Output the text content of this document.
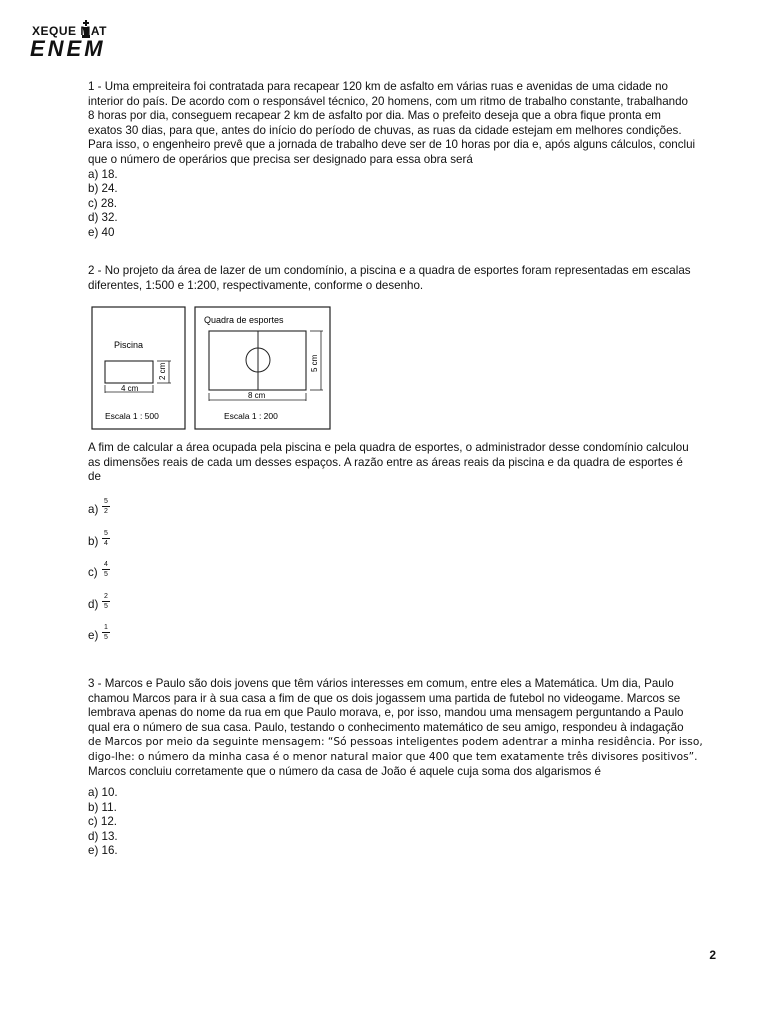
XEQUE MAT
ENEM

1 - Uma empreiteira foi contratada para recapear 120 km de asfalto em várias ruas e avenidas de uma cidade no
interior do país. De acordo com o responsável técnico, 20 homens, com um ritmo de trabalho constante, trabalhando
8 horas por dia, conseguem recapear 2 km de asfalto por dia. Mas o prefeito deseja que a obra fique pronta em
exatos 30 dias, para que, antes do início do período de chuvas, as ruas da cidade estejam em melhores condições.
Para isso, o engenheiro prevê que a jornada de trabalho deve ser de 10 horas por dia e, após alguns cálculos, conclui
que o número de operários que precisa ser designado para essa obra será

a) 18.
b) 24.
c) 28.
d) 32.
e) 40
2 - No projeto da área de lazer de um condomínio, a piscina e a quadra de esportes foram representadas em escalas
diferentes, 1:500 e 1:200, respectivamente, conforme o desenho.
Piscina
2 cm
4 cm
Escala 1 : 500
Quadra de esportes
5 cm
8 cm
Escala 1 : 200
A fim de calcular a área ocupada pela piscina e pela quadra de esportes, o administrador desse condomínio calculou
as dimensões reais de cada um desses espaços. A razão entre as áreas reais da piscina e da quadra de esportes é
de
$a) \frac{5}{2}$
$b) \frac{5}{4}$
$c) \frac{4}{5}$
$d) \frac{2}{5}$
$e) \frac{1}{5}$
3 - Marcos e Paulo são dois jovens que têm vários interesses em comum, entre eles a Matemática. Um dia, Paulo
chamou Marcos para ir à sua casa a fim de que os dois jogassem uma partida de futebol no videogame. Marcos se
lembrava apenas do nome da rua em que Paulo morava, e, por isso, mandou uma mensagem perguntando a Paulo
qual era o número de sua casa. Paulo, testando o conhecimento matemático de seu amigo, respondeu à indagação
de Marcos por meio da seguinte mensagem: “Só pessoas inteligentes podem adentrar a minha residência. Por isso,
digo-lhe: o número da minha casa é o menor natural maior que 400 que tem exatamente três divisores positivos”.
Marcos concluiu corretamente que o número da casa de João é aquele cuja soma dos algarismos é
a) 10.
b) 11.
c) 12.
d) 13.
e) 16.
2
